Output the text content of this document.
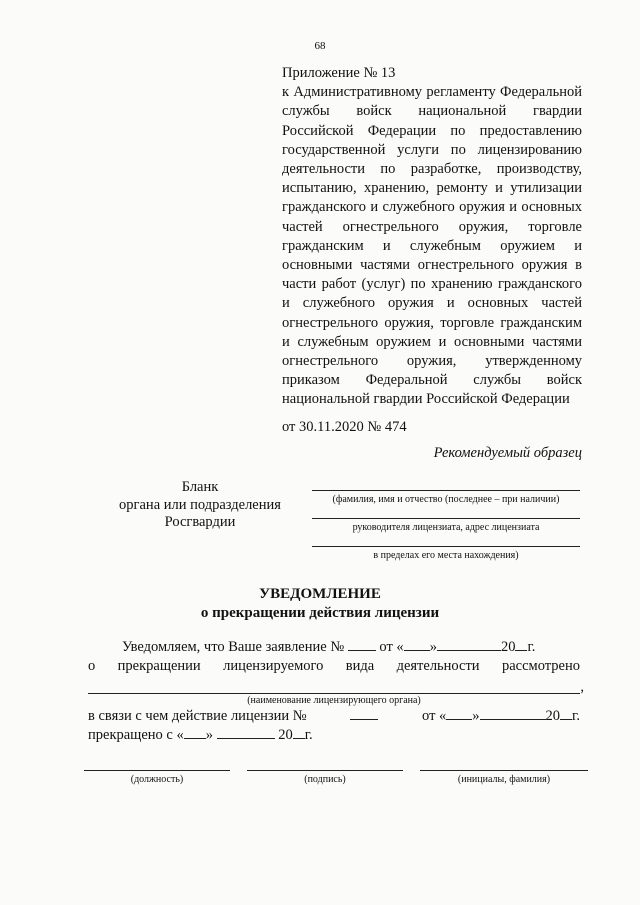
68
Приложение № 13
к Административному регламенту Федеральной службы войск национальной гвардии Российской Федерации по предоставлению государственной услуги по лицензированию деятельности по разработке, производству, испытанию, хранению, ремонту и утилизации гражданского и служебного оружия и основных частей огнестрельного оружия, торговле гражданским и служебным оружием и основными частями огнестрельного оружия в части работ (услуг) по хранению гражданского и служебного оружия и основных частей огнестрельного оружия, торговле гражданским и служебным оружием и основными частями огнестрельного оружия, утвержденному приказом Федеральной службы войск национальной гвардии Российской Федерации
от 30.11.2020 № 474
Рекомендуемый образец
Бланк
органа или подразделения
Росгвардии
(фамилия, имя и отчество (последнее – при наличии)
руководителя лицензиата, адрес лицензиата
в пределах его места нахождения)
УВЕДОМЛЕНИЕ
о прекращении действия лицензии
Уведомляем, что Ваше заявление № от « »	20 г.
о прекращении лицензируемого вида деятельности рассмотрено
,
(наименование лицензирующего органа)
в связи с чем действие лицензии №	от « »	20 г.
прекращено с « »	20 г.
(должность)	(подпись)	(инициалы, фамилия)
